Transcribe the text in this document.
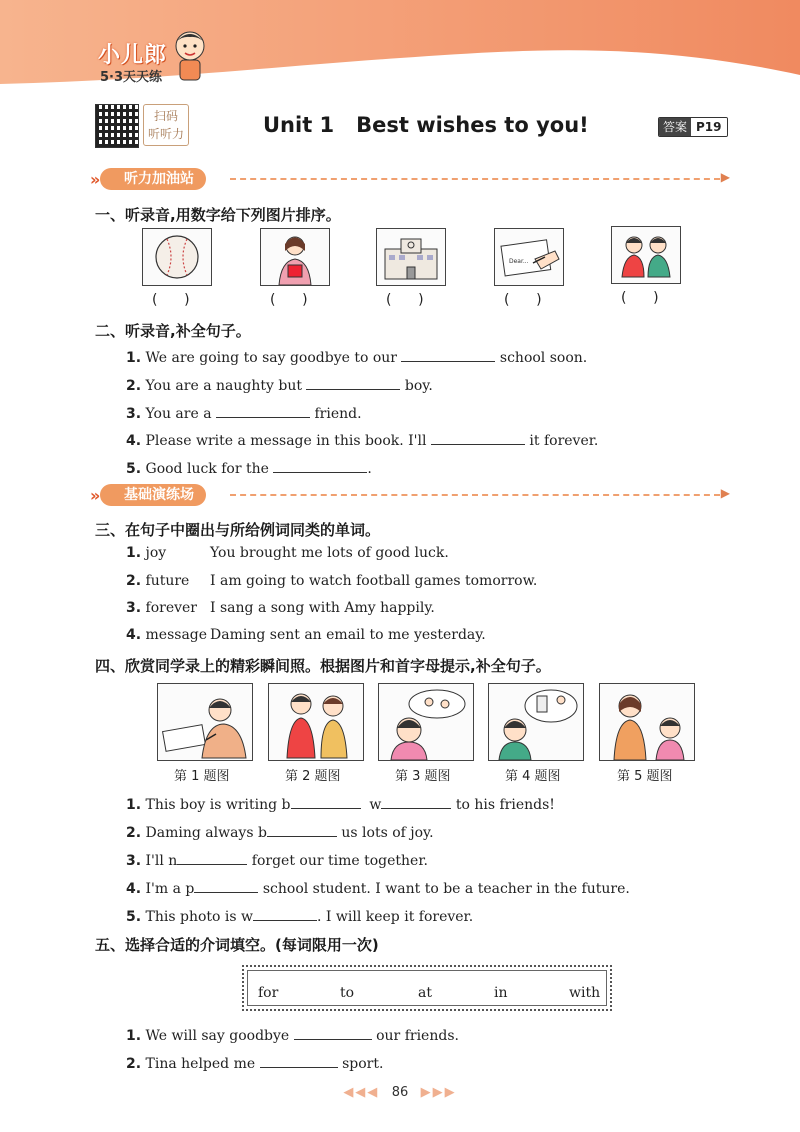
小儿郎
5·3天天练
扫码
听听力	Unit 1   Best wishes to you!	答案 P19
»	听力加油站	▶
一、听录音,用数字给下列图片排序。
Dear...
(      )	(      )	(      )	(      )	(      )
二、听录音,补全句子。
1. We are going to say goodbye to our	school soon.
2. You are a naughty but	boy.
3. You are a	friend.
4. Please write a message in this book. I'll	it forever.
5. Good luck for the	.
»	基础演练场	▶
三、在句子中圈出与所给例词同类的单词。
1. joy	You brought me lots of good luck.
2. future I am going to watch football games tomorrow.
3. forever I sang a song with Amy happily.
4. message Daming sent an email to me yesterday.
四、欣赏同学录上的精彩瞬间照。根据图片和首字母提示,补全句子。
第 1 题图	第 2 题图	第 3 题图	第 4 题图	第 5 题图
1. This boy is writing b	w	to his friends!
2. Daming always b	us lots of joy.
3. I'll n	forget our time together.
4. I'm a p	school student. I want to be a teacher in the future.
5. This photo is w	. I will keep it forever.
五、选择合适的介词填空。(每词限用一次)
for	to	at	in	with
1. We will say goodbye	our friends.
2. Tina helped me	sport.
◀◀◀ 86 ▶▶▶
